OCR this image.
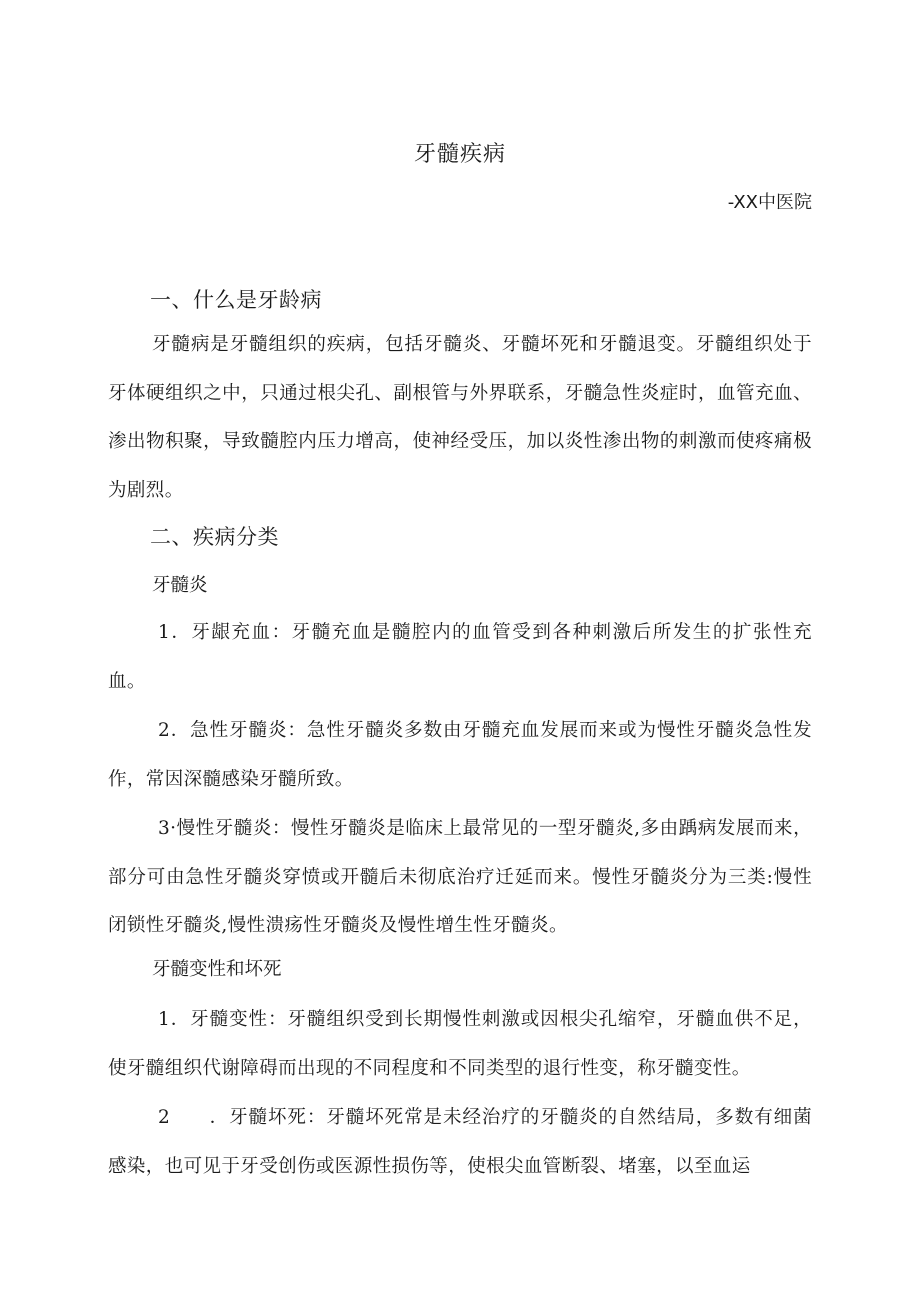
牙髓疾病
-XX中医院
一、什么是牙龄病
牙髓病是牙髓组织的疾病，包括牙髓炎、牙髓坏死和牙髓退变。牙髓组织处于牙体硬组织之中，只通过根尖孔、副根管与外界联系，牙髓急性炎症时，血管充血、渗出物积聚，导致髓腔内压力增高，使神经受压，加以炎性渗出物的刺激而使疼痛极为剧烈。
二、疾病分类
牙髓炎
1．牙龈充血：牙髓充血是髓腔内的血管受到各种刺激后所发生的扩张性充血。
2．急性牙髓炎：急性牙髓炎多数由牙髓充血发展而来或为慢性牙髓炎急性发作，常因深髓感染牙髓所致。
3·慢性牙髓炎：慢性牙髓炎是临床上最常见的一型牙髓炎,多由踽病发展而来，部分可由急性牙髓炎穿愤或开髓后未彻底治疗迁延而来。慢性牙髓炎分为三类:慢性闭锁性牙髓炎,慢性溃疡性牙髓炎及慢性增生性牙髓炎。
牙髓变性和坏死
1．牙髓变性：牙髓组织受到长期慢性刺激或因根尖孔缩窄，牙髓血供不足，使牙髓组织代谢障碍而出现的不同程度和不同类型的退行性变，称牙髓变性。
2　　．牙髓坏死：牙髓坏死常是未经治疗的牙髓炎的自然结局，多数有细菌感染，也可见于牙受创伤或医源性损伤等，使根尖血管断裂、堵塞，以至血运
